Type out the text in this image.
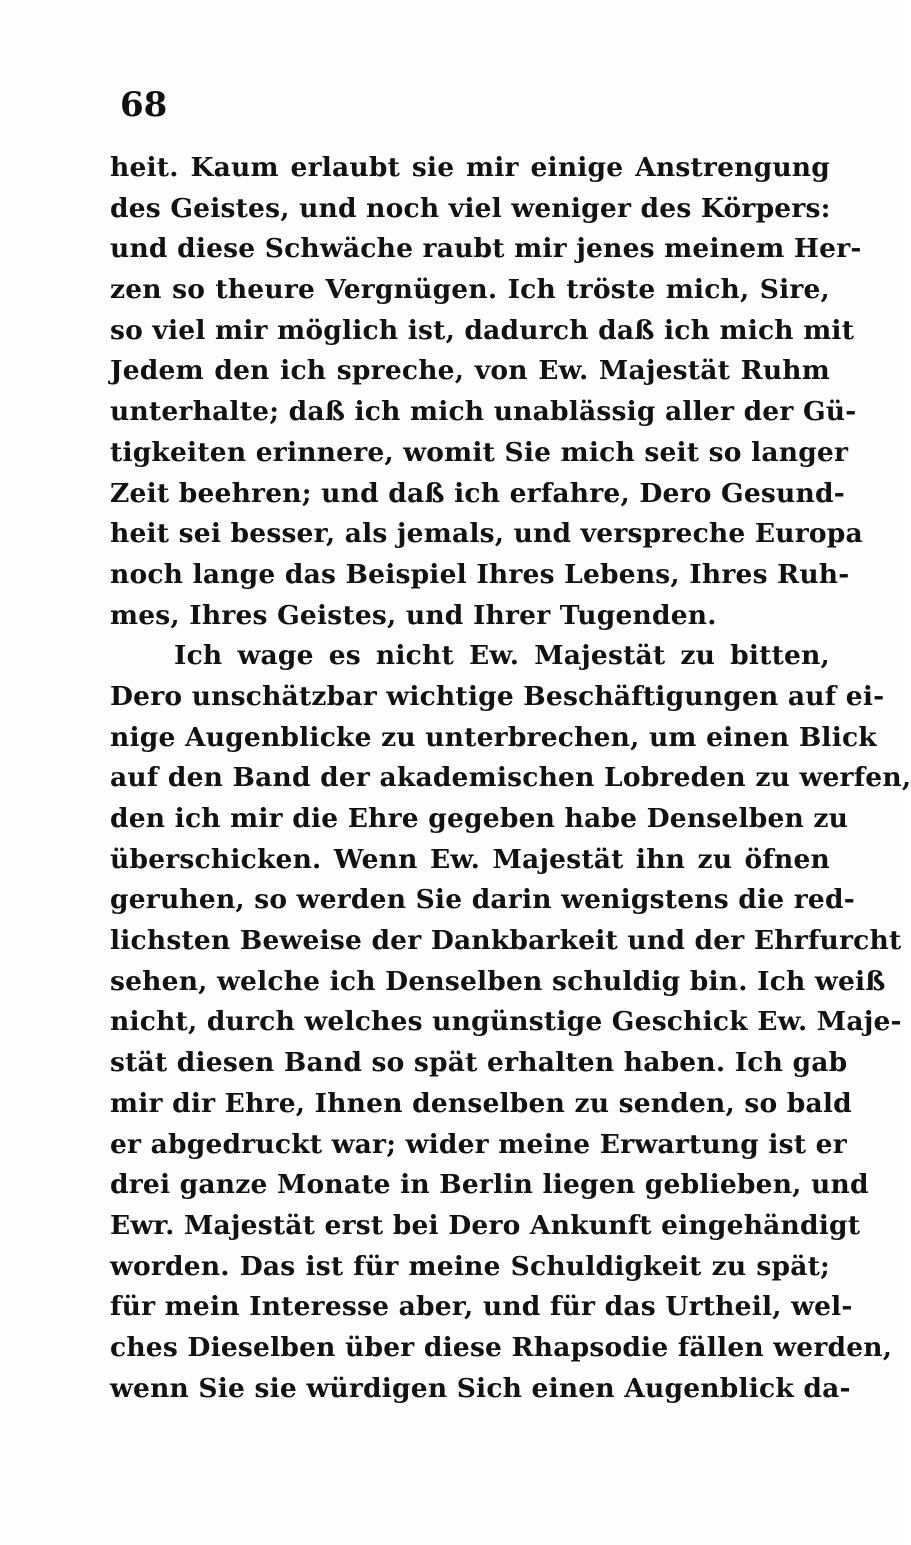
68
heit. Kaum erlaubt sie mir einige Anstrengung
des Geistes, und noch viel weniger des Körpers:
und diese Schwäche raubt mir jenes meinem Her-
zen so theure Vergnügen. Ich tröste mich, Sire,
so viel mir möglich ist, dadurch daß ich mich mit
Jedem den ich spreche, von Ew. Majestät Ruhm
unterhalte; daß ich mich unablässig aller der Gü-
tigkeiten erinnere, womit Sie mich seit so langer
Zeit beehren; und daß ich erfahre, Dero Gesund-
heit sei besser, als jemals, und verspreche Europa
noch lange das Beispiel Ihres Lebens, Ihres Ruh-
mes, Ihres Geistes, und Ihrer Tugenden.
Ich wage es nicht Ew. Majestät zu bitten,
Dero unschätzbar wichtige Beschäftigungen auf ei-
nige Augenblicke zu unterbrechen, um einen Blick
auf den Band der akademischen Lobreden zu werfen,
den ich mir die Ehre gegeben habe Denselben zu
überschicken. Wenn Ew. Majestät ihn zu öfnen
geruhen, so werden Sie darin wenigstens die red-
lichsten Beweise der Dankbarkeit und der Ehrfurcht
sehen, welche ich Denselben schuldig bin. Ich weiß
nicht, durch welches ungünstige Geschick Ew. Maje-
stät diesen Band so spät erhalten haben. Ich gab
mir dir Ehre, Ihnen denselben zu senden, so bald
er abgedruckt war; wider meine Erwartung ist er
drei ganze Monate in Berlin liegen geblieben, und
Ewr. Majestät erst bei Dero Ankunft eingehändigt
worden. Das ist für meine Schuldigkeit zu spät;
für mein Interesse aber, und für das Urtheil, wel-
ches Dieselben über diese Rhapsodie fällen werden,
wenn Sie sie würdigen Sich einen Augenblick da-
